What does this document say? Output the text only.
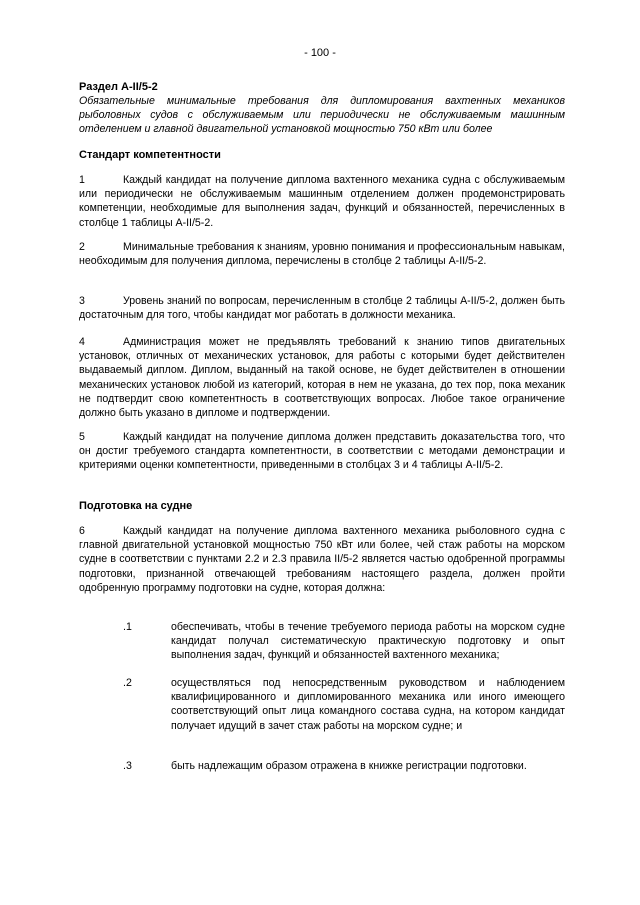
- 100 -
Раздел A-II/5-2
Обязательные минимальные требования для дипломирования вахтенных механиков рыболовных судов с обслуживаемым или периодически не обслуживаемым машинным отделением и главной двигательной установкой мощностью 750 кВт или более
Стандарт компетентности
1	Каждый кандидат на получение диплома вахтенного механика судна с обслуживаемым или периодически не обслуживаемым машинным отделением должен продемонстрировать компетенции, необходимые для выполнения задач, функций и обязанностей, перечисленных в столбце 1 таблицы A-II/5-2.
2	Минимальные требования к знаниям, уровню понимания и профессиональным навыкам, необходимым для получения диплома, перечислены в столбце 2 таблицы A-II/5-2.
3	Уровень знаний по вопросам, перечисленным в столбце 2 таблицы A-II/5-2, должен быть достаточным для того, чтобы кандидат мог работать в должности механика.
4	Администрация может не предъявлять требований к знанию типов двигательных установок, отличных от механических установок, для работы с которыми будет действителен выдаваемый диплом. Диплом, выданный на такой основе, не будет действителен в отношении механических установок любой из категорий, которая в нем не указана, до тех пор, пока механик не подтвердит свою компетентность в соответствующих вопросах. Любое такое ограничение должно быть указано в дипломе и подтверждении.
5	Каждый кандидат на получение диплома должен представить доказательства того, что он достиг требуемого стандарта компетентности, в соответствии с методами демонстрации и критериями оценки компетентности, приведенными в столбцах 3 и 4 таблицы A-II/5-2.
Подготовка на судне
6	Каждый кандидат на получение диплома вахтенного механика рыболовного судна с главной двигательной установкой мощностью 750 кВт или более, чей стаж работы на морском судне в соответствии с пунктами 2.2 и 2.3 правила II/5-2 является частью одобренной программы подготовки, признанной отвечающей требованиям настоящего раздела, должен пройти одобренную программу подготовки на судне, которая должна:
.1	обеспечивать, чтобы в течение требуемого периода работы на морском судне кандидат получал систематическую практическую подготовку и опыт выполнения задач, функций и обязанностей вахтенного механика;
.2	осуществляться под непосредственным руководством и наблюдением квалифицированного и дипломированного механика или иного имеющего соответствующий опыт лица командного состава судна, на котором кандидат получает идущий в зачет стаж работы на морском судне; и
.3	быть надлежащим образом отражена в книжке регистрации подготовки.
